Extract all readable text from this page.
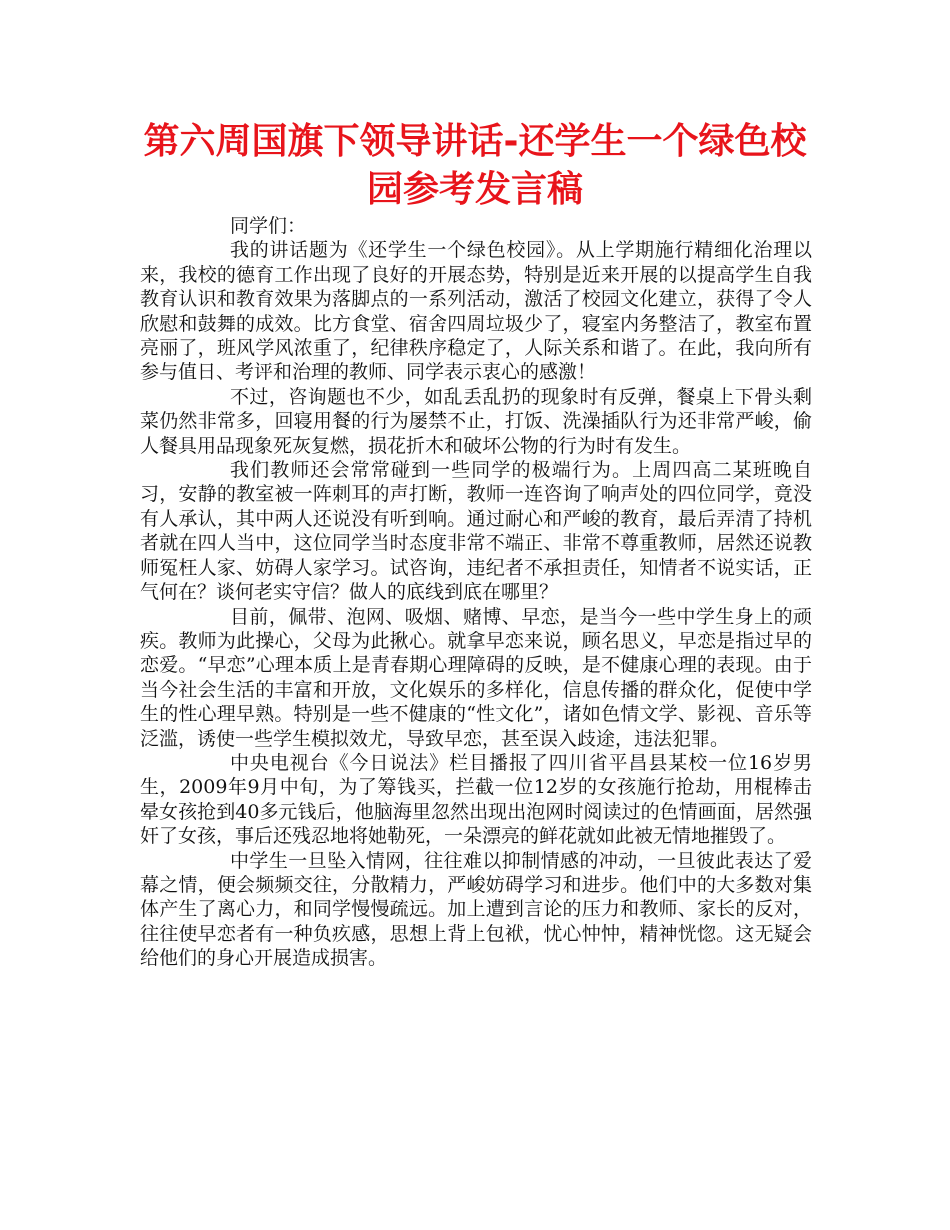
第六周国旗下领导讲话-还学生一个绿色校园参考发言稿

同学们：

我的讲话题为《还学生一个绿色校园》。从上学期施行精细化治理以来，我校的德育工作出现了良好的开展态势，特别是近来开展的以提高学生自我教育认识和教育效果为落脚点的一系列活动，激活了校园文化建立，获得了令人欣慰和鼓舞的成效。比方食堂、宿舍四周垃圾少了，寝室内务整洁了，教室布置亮丽了，班风学风浓重了，纪律秩序稳定了，人际关系和谐了。在此，我向所有参与值日、考评和治理的教师、同学表示衷心的感激！

不过，咨询题也不少，如乱丢乱扔的现象时有反弹，餐桌上下骨头剩菜仍然非常多，回寝用餐的行为屡禁不止，打饭、洗澡插队行为还非常严峻，偷人餐具用品现象死灰复燃，损花折木和破坏公物的行为时有发生。

我们教师还会常常碰到一些同学的极端行为。上周四高二某班晚自习，安静的教室被一阵刺耳的声打断，教师一连咨询了响声处的四位同学，竟没有人承认，其中两人还说没有听到响。通过耐心和严峻的教育，最后弄清了持机者就在四人当中，这位同学当时态度非常不端正、非常不尊重教师，居然还说教师冤枉人家、妨碍人家学习。试咨询，违纪者不承担责任，知情者不说实话，正气何在？谈何老实守信？做人的底线到底在哪里？

目前，佩带、泡网、吸烟、赌博、早恋，是当今一些中学生身上的顽疾。教师为此操心，父母为此揪心。就拿早恋来说，顾名思义，早恋是指过早的恋爱。“早恋”心理本质上是青春期心理障碍的反映，是不健康心理的表现。由于当今社会生活的丰富和开放，文化娱乐的多样化，信息传播的群众化，促使中学生的性心理早熟。特别是一些不健康的“性文化”，诸如色情文学、影视、音乐等泛滥，诱使一些学生模拟效尤，导致早恋，甚至误入歧途，违法犯罪。

中央电视台《今日说法》栏目播报了四川省平昌县某校一位16岁男生，2009年9月中旬，为了筹钱买，拦截一位12岁的女孩施行抢劫，用棍棒击晕女孩抢到40多元钱后，他脑海里忽然出现出泡网时阅读过的色情画面，居然强奸了女孩，事后还残忍地将她勒死，一朵漂亮的鲜花就如此被无情地摧毁了。

中学生一旦坠入情网，往往难以抑制情感的冲动，一旦彼此表达了爱幕之情，便会频频交往，分散精力，严峻妨碍学习和进步。他们中的大多数对集体产生了离心力，和同学慢慢疏远。加上遭到言论的压力和教师、家长的反对，往往使早恋者有一种负疚感，思想上背上包袱，忧心忡忡，精神恍惚。这无疑会给他们的身心开展造成损害。
